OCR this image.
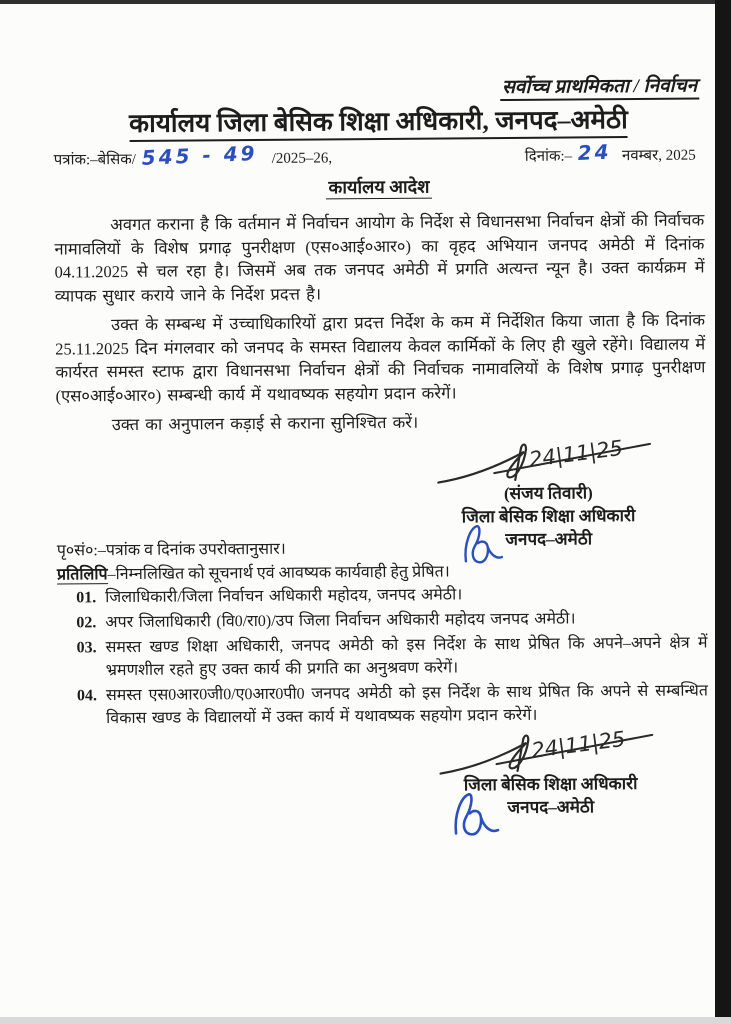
सर्वोच्च प्राथमिकता / निर्वाचन
कार्यालय जिला बेसिक शिक्षा अधिकारी, जनपद–अमेठी
पत्रांक:–बेसिक/ 545 - 49 /2025–26,	दिनांक:– 24 नवम्बर, 2025
कार्यालय आदेश

अवगत कराना है कि वर्तमान में निर्वाचन आयोग के निर्देश से विधानसभा निर्वाचन क्षेत्रों की निर्वाचक नामावलियों के विशेष प्रगाढ़ पुनरीक्षण (एस०आई०आर०) का वृहद अभियान जनपद अमेठी में दिनांक 04.11.2025 से चल रहा है। जिसमें अब तक जनपद अमेठी में प्रगति अत्यन्त न्यून है। उक्त कार्यक्रम में व्यापक सुधार कराये जाने के निर्देश प्रदत्त है।

उक्त के सम्बन्ध में उच्चाधिकारियों द्वारा प्रदत्त निर्देश के कम में निर्देशित किया जाता है कि दिनांक 25.11.2025 दिन मंगलवार को जनपद के समस्त विद्यालय केवल कार्मिकों के लिए ही खुले रहेंगे। विद्यालय में कार्यरत समस्त स्टाफ द्वारा विधानसभा निर्वाचन क्षेत्रों की निर्वाचक नामावलियों के विशेष प्रगाढ़ पुनरीक्षण (एस०आई०आर०) सम्बन्धी कार्य में यथावष्यक सहयोग प्रदान करेगें।

उक्त का अनुपालन कड़ाई से कराना सुनिश्चित करें।

24|11|25
(संजय तिवारी)
जिला बेसिक शिक्षा अधिकारी
जनपद–अमेठी
पृ०सं०:–पत्रांक व दिनांक उपरोक्तानुसार।
प्रतिलिपि–निम्नलिखित को सूचनार्थ एवं आवष्यक कार्यवाही हेतु प्रेषित।
01. जिलाधिकारी/जिला निर्वाचन अधिकारी महोदय, जनपद अमेठी।
02. अपर जिलाधिकारी (वि0/रा0)/उप जिला निर्वाचन अधिकारी महोदय जनपद अमेठी।
03. समस्त खण्ड शिक्षा अधिकारी, जनपद अमेठी को इस निर्देश के साथ प्रेषित कि अपने–अपने क्षेत्र में भ्रमणशील रहते हुए उक्त कार्य की प्रगति का अनुश्रवण करेगें।
04. समस्त एस0आर0जी0/ए0आर0पी0 जनपद अमेठी को इस निर्देश के साथ प्रेषित कि अपने से सम्बन्धित विकास खण्ड के विद्यालयों में उक्त कार्य में यथावष्यक सहयोग प्रदान करेगें।
24|11|25
जिला बेसिक शिक्षा अधिकारी
जनपद–अमेठी
